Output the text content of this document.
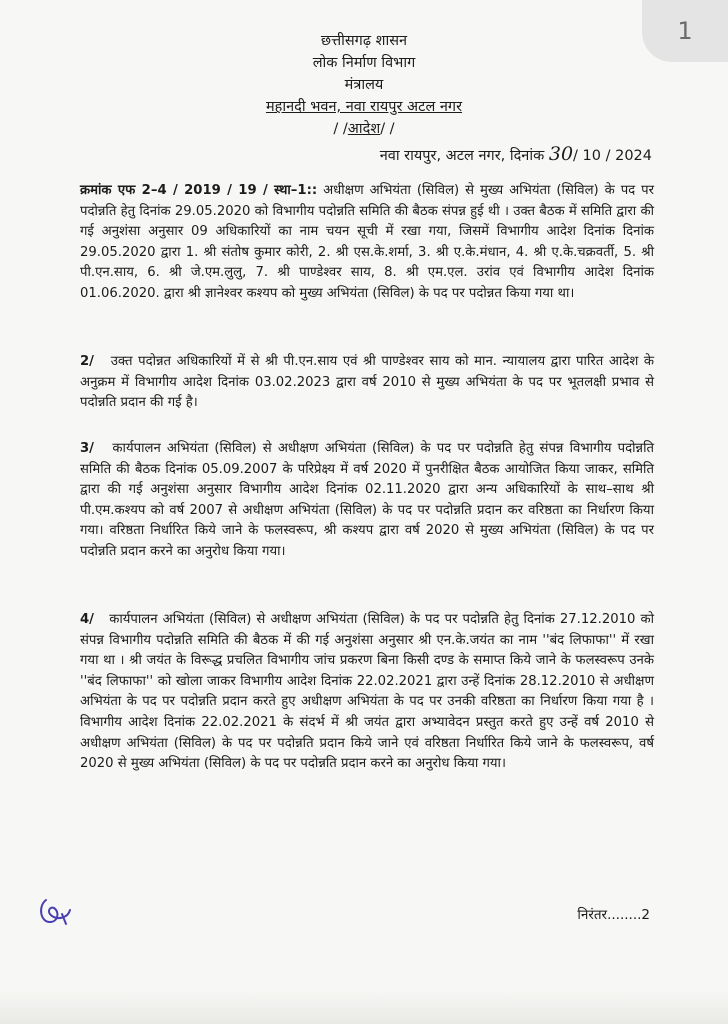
1
छत्तीसगढ़ शासन
लोक निर्माण विभाग
मंत्रालय
महानदी भवन, नवा रायपुर अटल नगर
/ /आदेश/ /
नवा रायपुर, अटल नगर, दिनांक 30/ 10 / 2024
क्रमांक एफ 2–4 / 2019 / 19 / स्था–1:: अधीक्षण अभियंता (सिविल) से मुख्य अभियंता (सिविल) के पद पर पदोन्नति हेतु दिनांक 29.05.2020 को विभागीय पदोन्नति समिति की बैठक संपन्न हुई थी । उक्त बैठक में समिति द्वारा की गई अनुशंसा अनुसार 09 अधिकारियों का नाम चयन सूची में रखा गया, जिसमें विभागीय आदेश दिनांक दिनांक 29.05.2020 द्वारा 1. श्री संतोष कुमार कोरी, 2. श्री एस.के.शर्मा, 3. श्री ए.के.मंधान, 4. श्री ए.के.चक्रवर्ती, 5. श्री पी.एन.साय, 6. श्री जे.एम.लुलु, 7. श्री पाण्डेश्वर साय, 8. श्री एम.एल. उरांव एवं विभागीय आदेश दिनांक 01.06.2020. द्वारा श्री ज्ञानेश्वर कश्यप को मुख्य अभियंता (सिविल) के पद पर पदोन्नत किया गया था।
2/ उक्त पदोन्नत अधिकारियों में से श्री पी.एन.साय एवं श्री पाण्डेश्वर साय को मान. न्यायालय द्वारा पारित आदेश के अनुक्रम में विभागीय आदेश दिनांक 03.02.2023 द्वारा वर्ष 2010 से मुख्य अभियंता के पद पर भूतलक्षी प्रभाव से पदोन्नति प्रदान की गई है।
3/ कार्यपालन अभियंता (सिविल) से अधीक्षण अभियंता (सिविल) के पद पर पदोन्नति हेतु संपन्न विभागीय पदोन्नति समिति की बैठक दिनांक 05.09.2007 के परिप्रेक्ष्य में वर्ष 2020 में पुनरीक्षित बैठक आयोजित किया जाकर, समिति द्वारा की गई अनुशंसा अनुसार विभागीय आदेश दिनांक 02.11.2020 द्वारा अन्य अधिकारियों के साथ–साथ श्री पी.एम.कश्यप को वर्ष 2007 से अधीक्षण अभियंता (सिविल) के पद पर पदोन्नति प्रदान कर वरिष्ठता का निर्धारण किया गया। वरिष्ठता निर्धारित किये जाने के फलस्वरूप, श्री कश्यप द्वारा वर्ष 2020 से मुख्य अभियंता (सिविल) के पद पर पदोन्नति प्रदान करने का अनुरोध किया गया।
4/ कार्यपालन अभियंता (सिविल) से अधीक्षण अभियंता (सिविल) के पद पर पदोन्नति हेतु दिनांक 27.12.2010 को संपन्न विभागीय पदोन्नति समिति की बैठक में की गई अनुशंसा अनुसार श्री एन.के.जयंत का नाम ''बंद लिफाफा'' में रखा गया था । श्री जयंत के विरूद्ध प्रचलित विभागीय जांच प्रकरण बिना किसी दण्ड के समाप्त किये जाने के फलस्वरूप उनके ''बंद लिफाफा'' को खोला जाकर विभागीय आदेश दिनांक 22.02.2021 द्वारा उन्हें दिनांक 28.12.2010 से अधीक्षण अभियंता के पद पर पदोन्नति प्रदान करते हुए अधीक्षण अभियंता के पद पर उनकी वरिष्ठता का निर्धारण किया गया है । विभागीय आदेश दिनांक 22.02.2021 के संदर्भ में श्री जयंत द्वारा अभ्यावेदन प्रस्तुत करते हुए उन्हें वर्ष 2010 से अधीक्षण अभियंता (सिविल) के पद पर पदोन्नति प्रदान किये जाने एवं वरिष्ठता निर्धारित किये जाने के फलस्वरूप, वर्ष 2020 से मुख्य अभियंता (सिविल) के पद पर पदोन्नति प्रदान करने का अनुरोध किया गया।
निरंतर........2
